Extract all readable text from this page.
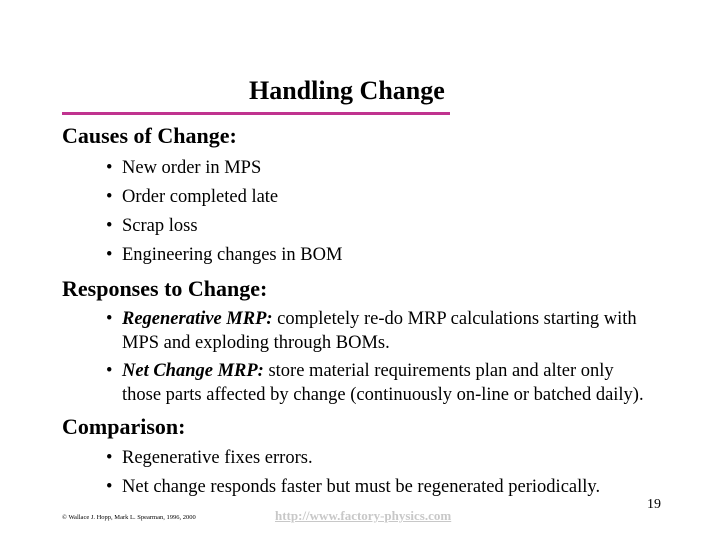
Handling Change
Causes of Change:
• New order in MPS
• Order completed late
• Scrap loss
• Engineering changes in BOM
Responses to Change:
• Regenerative MRP: completely re-do MRP calculations starting with
MPS and exploding through BOMs.
• Net Change MRP: store material requirements plan and alter only
those parts affected by change (continuously on-line or batched daily).
Comparison:
• Regenerative fixes errors.
• Net change responds faster but must be regenerated periodically.
19
© Wallace J. Hopp, Mark L. Spearman, 1996, 2000	http://www.factory-physics.com
